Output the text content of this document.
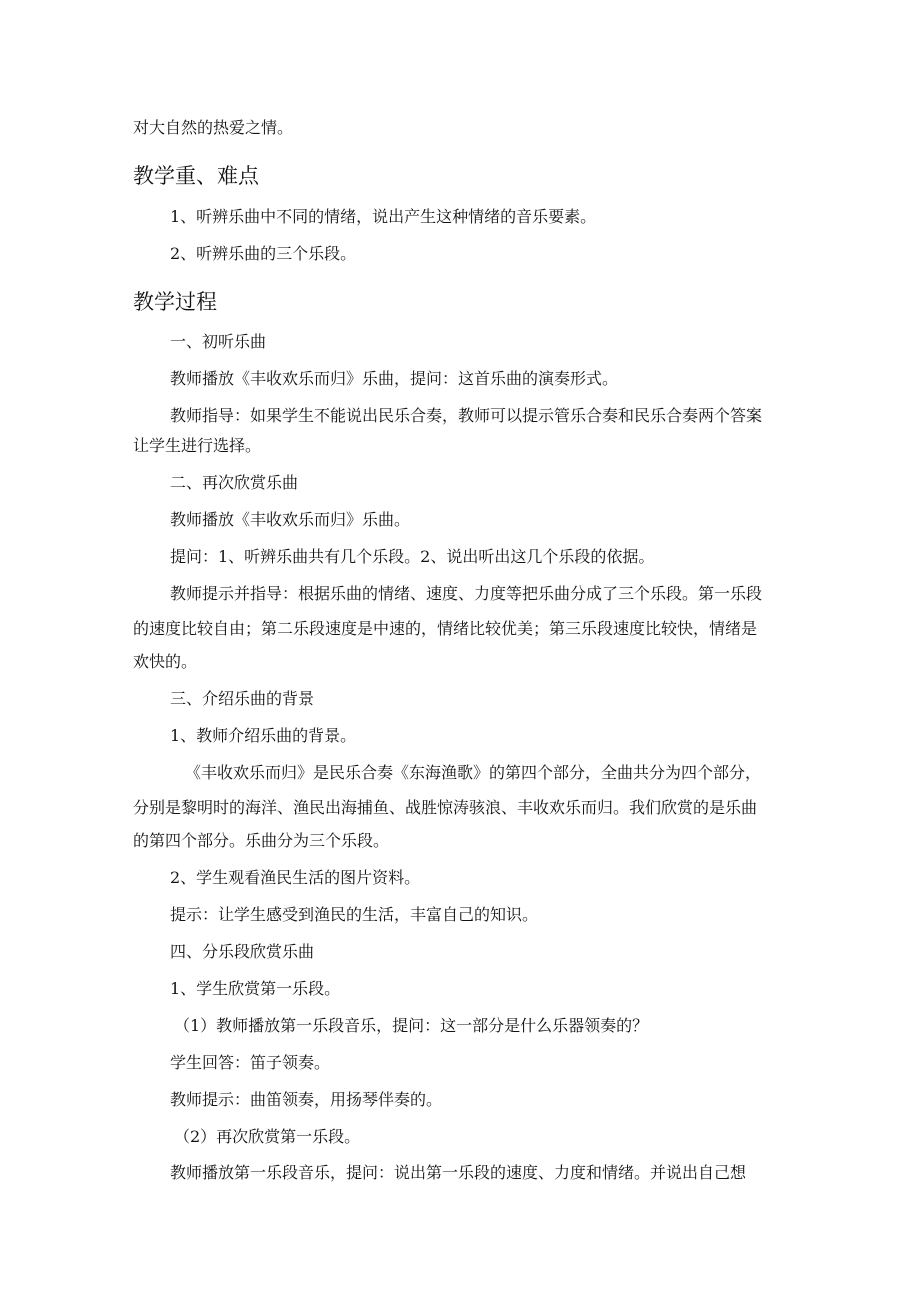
对大自然的热爱之情。
教学重、难点
1、听辨乐曲中不同的情绪，说出产生这种情绪的音乐要素。
2、听辨乐曲的三个乐段。
教学过程
一、初听乐曲
教师播放《丰收欢乐而归》乐曲，提问：这首乐曲的演奏形式。
教师指导：如果学生不能说出民乐合奏，教师可以提示管乐合奏和民乐合奏两个答案
让学生进行选择。
二、再次欣赏乐曲
教师播放《丰收欢乐而归》乐曲。
提问：1、听辨乐曲共有几个乐段。2、说出听出这几个乐段的依据。
教师提示并指导：根据乐曲的情绪、速度、力度等把乐曲分成了三个乐段。第一乐段
的速度比较自由；第二乐段速度是中速的，情绪比较优美；第三乐段速度比较快，情绪是
欢快的。
三、介绍乐曲的背景
1、教师介绍乐曲的背景。
《丰收欢乐而归》是民乐合奏《东海渔歌》的第四个部分，全曲共分为四个部分，
分别是黎明时的海洋、渔民出海捕鱼、战胜惊涛骇浪、丰收欢乐而归。我们欣赏的是乐曲
的第四个部分。乐曲分为三个乐段。
2、学生观看渔民生活的图片资料。
提示：让学生感受到渔民的生活，丰富自己的知识。
四、分乐段欣赏乐曲
1、学生欣赏第一乐段。
（1）教师播放第一乐段音乐，提问：这一部分是什么乐器领奏的？
学生回答：笛子领奏。
教师提示：曲笛领奏，用扬琴伴奏的。
（2）再次欣赏第一乐段。
教师播放第一乐段音乐，提问：说出第一乐段的速度、力度和情绪。并说出自己想
